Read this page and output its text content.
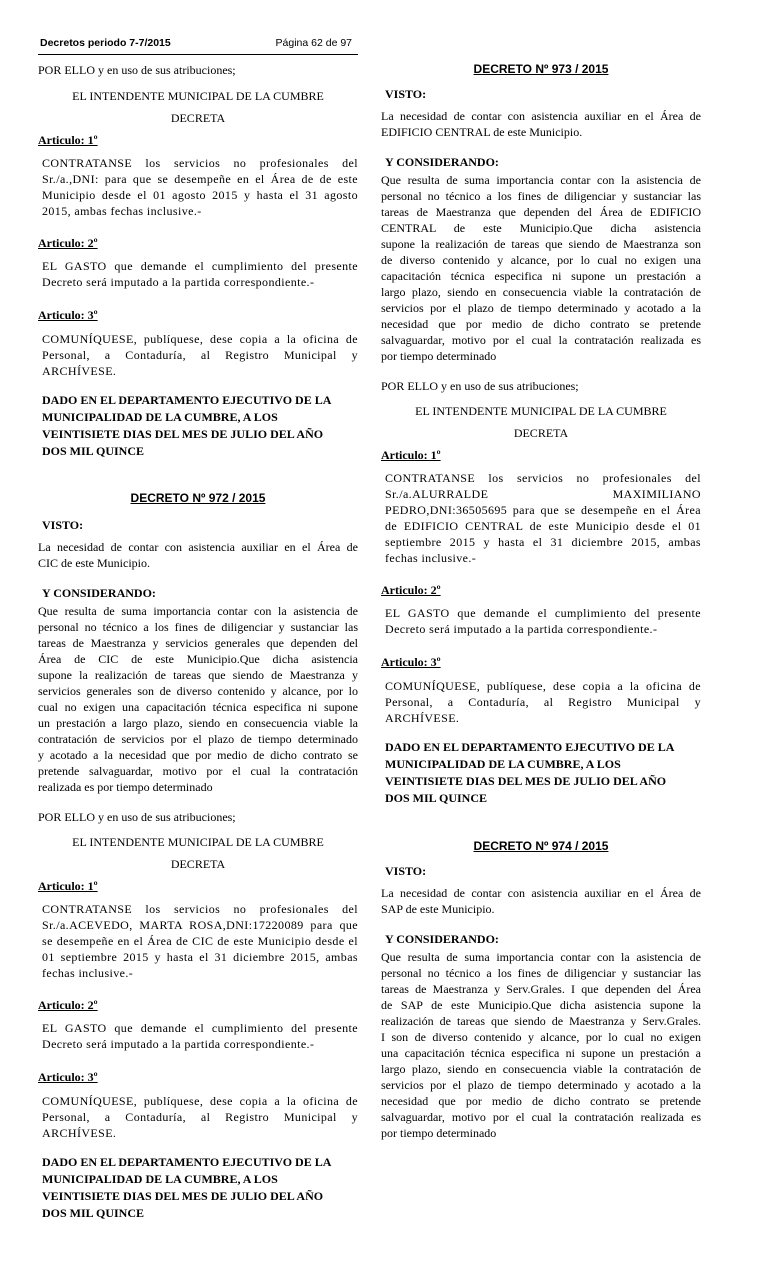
Decretos periodo 7-7/2015	Página 62 de 97

POR ELLO y en uso de sus atribuciones;

EL INTENDENTE MUNICIPAL DE LA CUMBRE

DECRETA

Articulo: 1º

CONTRATANSE los servicios no profesionales del
Sr./a.,DNI: para que se desempeñe en el Área de de este
Municipio desde el 01 agosto 2015 y hasta el 31 agosto
2015, ambas fechas inclusive.-

Articulo: 2º

EL GASTO que demande el cumplimiento del presente
Decreto será imputado a la partida correspondiente.-

Articulo: 3º

COMUNÍQUESE, publíquese, dese copia a la oficina de
Personal, a Contaduría, al Registro Municipal y
ARCHÍVESE.
DADO EN EL DEPARTAMENTO EJECUTIVO DE LA
MUNICIPALIDAD DE LA CUMBRE, A LOS
VEINTISIETE DIAS DEL MES DE JULIO DEL AÑO
DOS MIL QUINCE

DECRETO Nº 972 / 2015

VISTO:

La necesidad de contar con asistencia auxiliar en el Área de
CIC de este Municipio.

Y CONSIDERANDO:

Que resulta de suma importancia contar con la asistencia de
personal no técnico a los fines de diligenciar y sustanciar las
tareas de Maestranza y servicios generales que dependen del
Área de CIC de este Municipio.Que dicha asistencia
supone la realización de tareas que siendo de Maestranza y
servicios generales son de diverso contenido y alcance, por lo
cual no exigen una capacitación técnica especifica ni supone
un prestación a largo plazo, siendo en consecuencia viable la
contratación de servicios por el plazo de tiempo determinado
y acotado a la necesidad que por medio de dicho contrato se
pretende salvaguardar, motivo por el cual la contratación
realizada es por tiempo determinado

POR ELLO y en uso de sus atribuciones;

EL INTENDENTE MUNICIPAL DE LA CUMBRE

DECRETA

Articulo: 1º

CONTRATANSE los servicios no profesionales del
Sr./a.ACEVEDO, MARTA ROSA,DNI:17220089 para que
se desempeñe en el Área de CIC de este Municipio desde el
01 septiembre 2015 y hasta el 31 diciembre 2015, ambas
fechas inclusive.-

Articulo: 2º

EL GASTO que demande el cumplimiento del presente
Decreto será imputado a la partida correspondiente.-

Articulo: 3º

COMUNÍQUESE, publíquese, dese copia a la oficina de
Personal, a Contaduría, al Registro Municipal y
ARCHÍVESE.
DADO EN EL DEPARTAMENTO EJECUTIVO DE LA
MUNICIPALIDAD DE LA CUMBRE, A LOS
VEINTISIETE DIAS DEL MES DE JULIO DEL AÑO
DOS MIL QUINCE

DECRETO Nº 973 / 2015

VISTO:

La necesidad de contar con asistencia auxiliar en el Área de
EDIFICIO CENTRAL de este Municipio.

Y CONSIDERANDO:

Que resulta de suma importancia contar con la asistencia de
personal no técnico a los fines de diligenciar y sustanciar las
tareas de Maestranza que dependen del Área de EDIFICIO
CENTRAL de este Municipio.Que dicha asistencia
supone la realización de tareas que siendo de Maestranza son
de diverso contenido y alcance, por lo cual no exigen una
capacitación técnica especifica ni supone un prestación a
largo plazo, siendo en consecuencia viable la contratación de
servicios por el plazo de tiempo determinado y acotado a la
necesidad que por medio de dicho contrato se pretende
salvaguardar, motivo por el cual la contratación realizada es
por tiempo determinado

POR ELLO y en uso de sus atribuciones;

EL INTENDENTE MUNICIPAL DE LA CUMBRE

DECRETA

Articulo: 1º

CONTRATANSE los servicios no profesionales del
Sr./a.ALURRALDE MAXIMILIANO
PEDRO,DNI:36505695 para que se desempeñe en el Área
de EDIFICIO CENTRAL de este Municipio desde el 01
septiembre 2015 y hasta el 31 diciembre 2015, ambas
fechas inclusive.-

Articulo: 2º

EL GASTO que demande el cumplimiento del presente
Decreto será imputado a la partida correspondiente.-

Articulo: 3º

COMUNÍQUESE, publíquese, dese copia a la oficina de
Personal, a Contaduría, al Registro Municipal y
ARCHÍVESE.
DADO EN EL DEPARTAMENTO EJECUTIVO DE LA
MUNICIPALIDAD DE LA CUMBRE, A LOS
VEINTISIETE DIAS DEL MES DE JULIO DEL AÑO
DOS MIL QUINCE

DECRETO Nº 974 / 2015

VISTO:

La necesidad de contar con asistencia auxiliar en el Área de
SAP de este Municipio.

Y CONSIDERANDO:

Que resulta de suma importancia contar con la asistencia de
personal no técnico a los fines de diligenciar y sustanciar las
tareas de Maestranza y Serv.Grales. I que dependen del Área
de SAP de este Municipio.Que dicha asistencia supone la
realización de tareas que siendo de Maestranza y Serv.Grales.
I son de diverso contenido y alcance, por lo cual no exigen
una capacitación técnica especifica ni supone un prestación a
largo plazo, siendo en consecuencia viable la contratación de
servicios por el plazo de tiempo determinado y acotado a la
necesidad que por medio de dicho contrato se pretende
salvaguardar, motivo por el cual la contratación realizada es
por tiempo determinado
